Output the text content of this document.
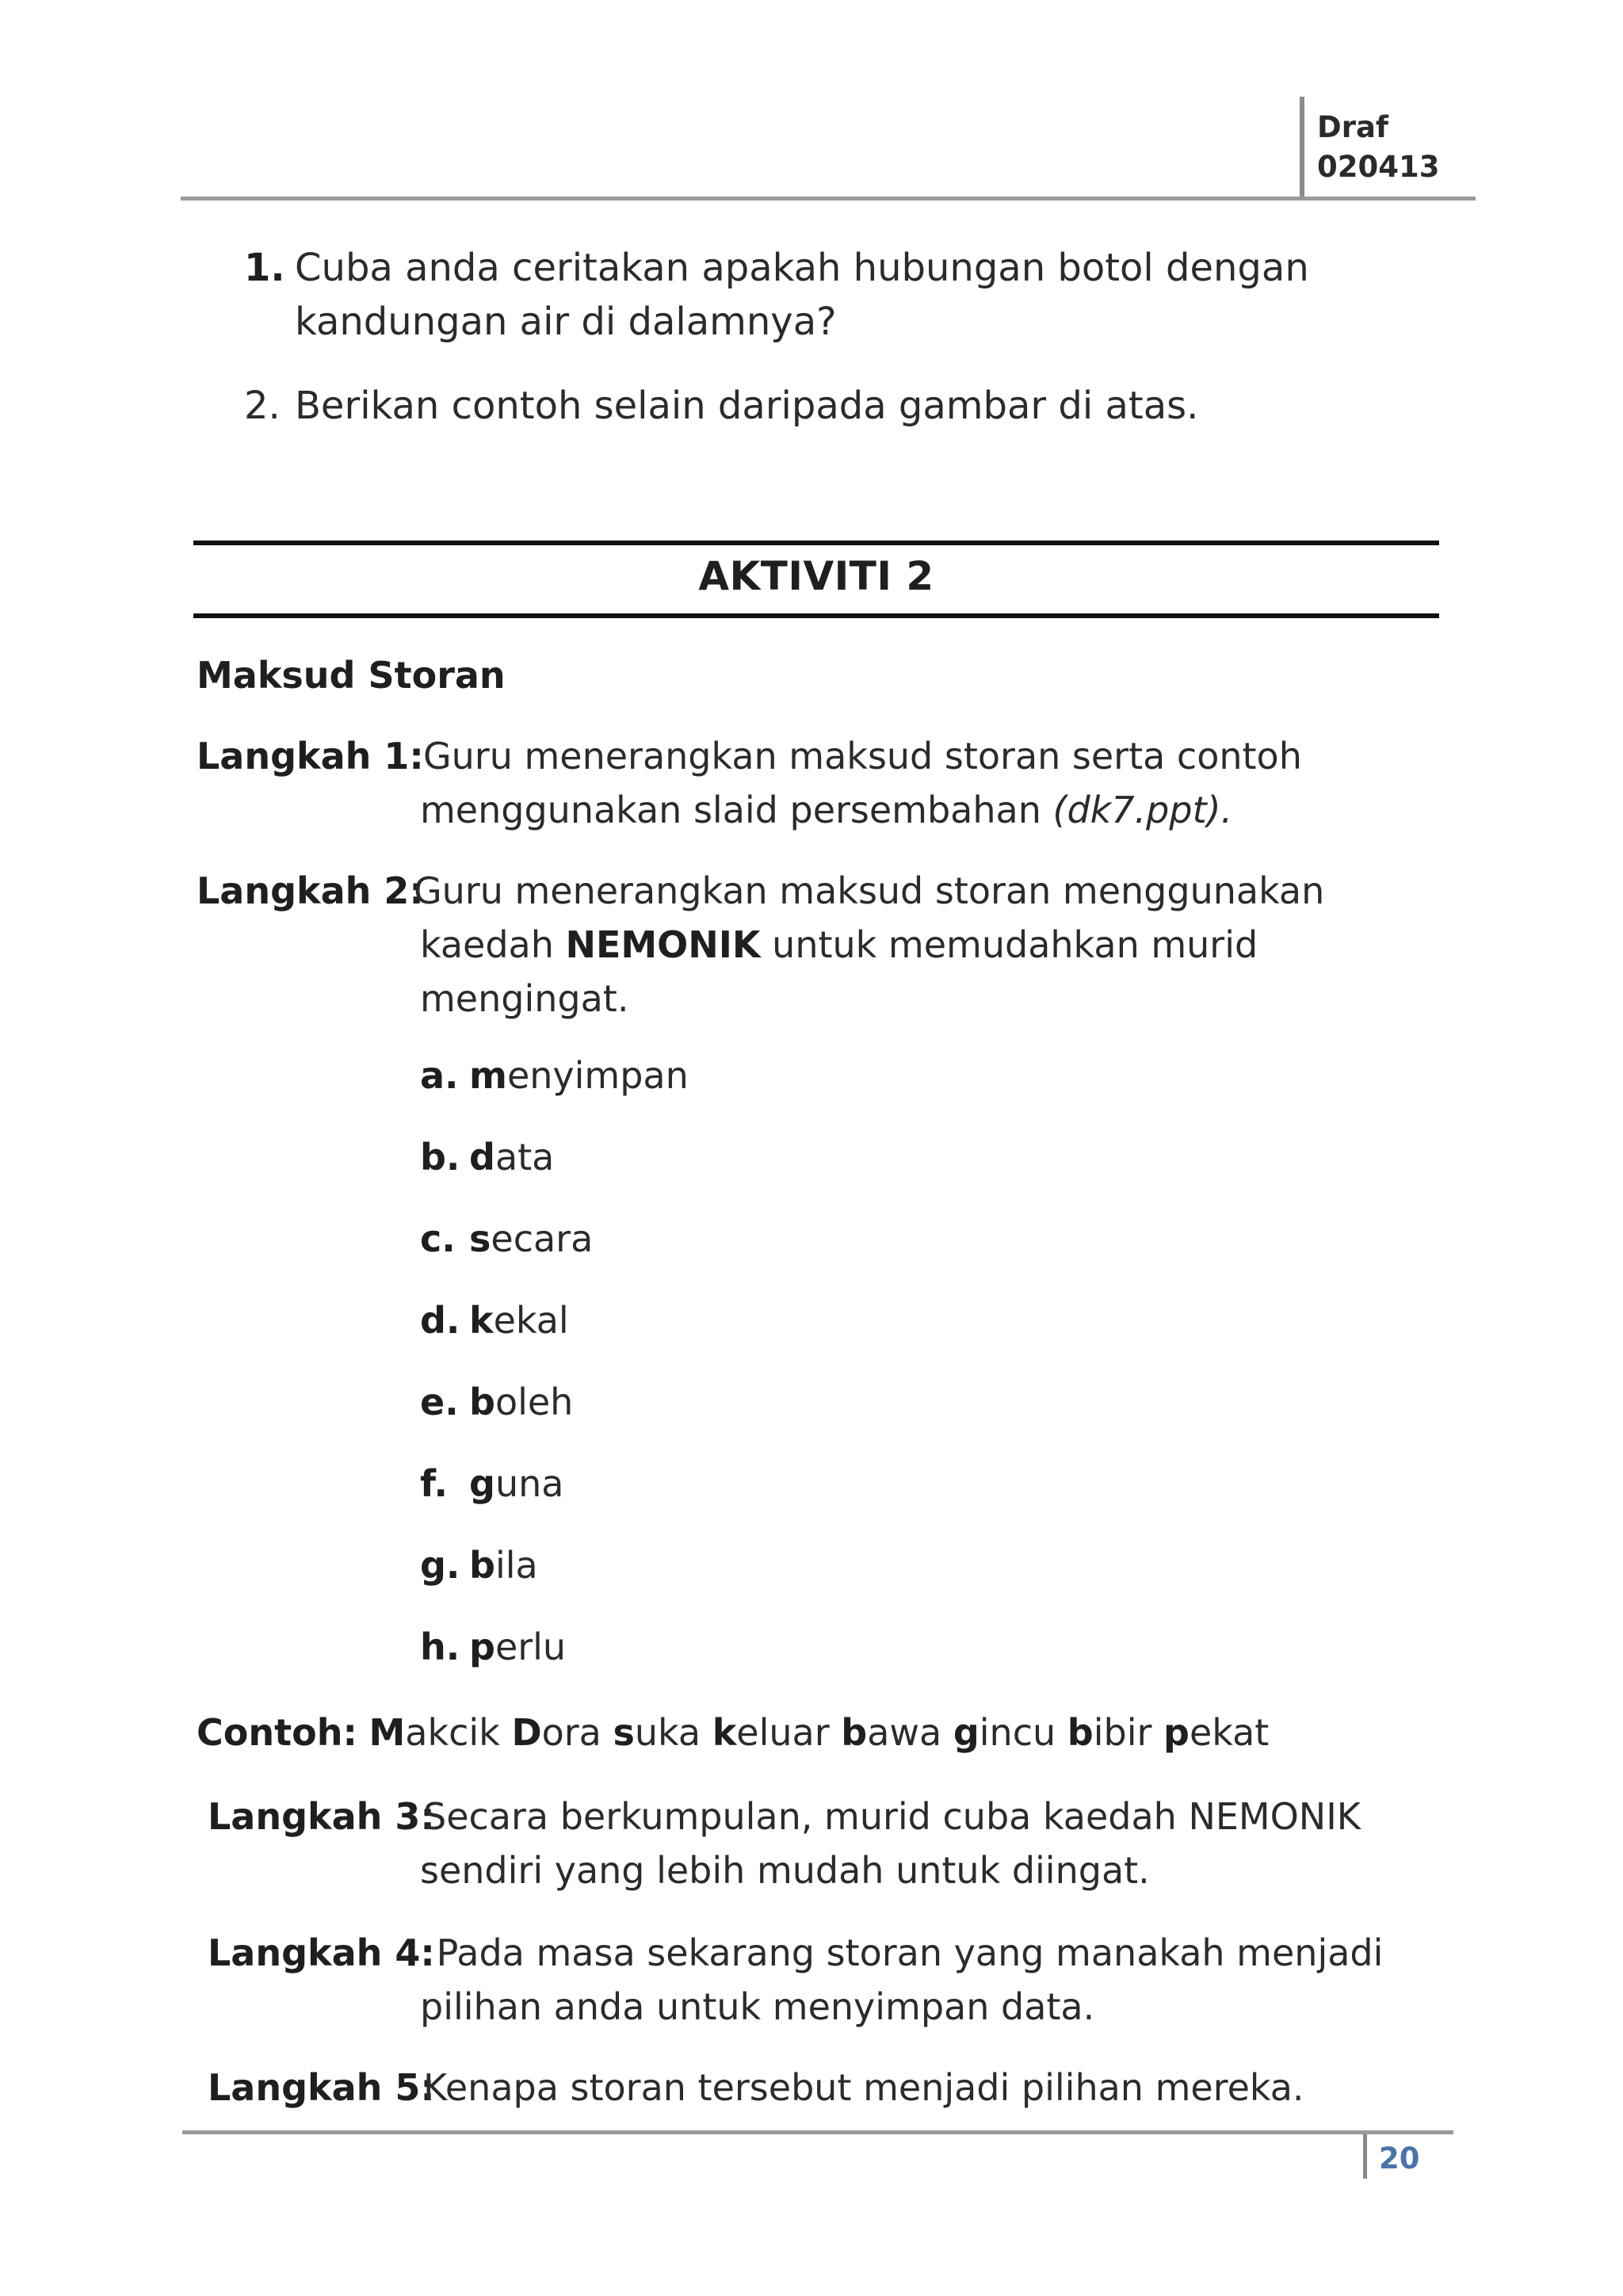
Draf
020413
1. Cuba anda ceritakan apakah hubungan botol dengan
kandungan air di dalamnya?
2. Berikan contoh selain daripada gambar di atas.
AKTIVITI 2
Maksud Storan
Langkah 1: Guru menerangkan maksud storan serta contoh
menggunakan slaid persembahan (dk7.ppt).
Langkah 2:
Guru menerangkan maksud storan menggunakan
kaedah NEMONIK untuk memudahkan murid
mengingat.
a. menyimpan
b. data
c. secara
d. kekal
e. boleh
f. guna
g. bila
h. perlu
Contoh: Makcik Dora suka keluar bawa gincu bibir pekat
Langkah 3:
Secara berkumpulan, murid cuba kaedah NEMONIK
sendiri yang lebih mudah untuk diingat.
Langkah 4:
Pada masa sekarang storan yang manakah menjadi
pilihan anda untuk menyimpan data.
Langkah 5:
Kenapa storan tersebut menjadi pilihan mereka.
20
